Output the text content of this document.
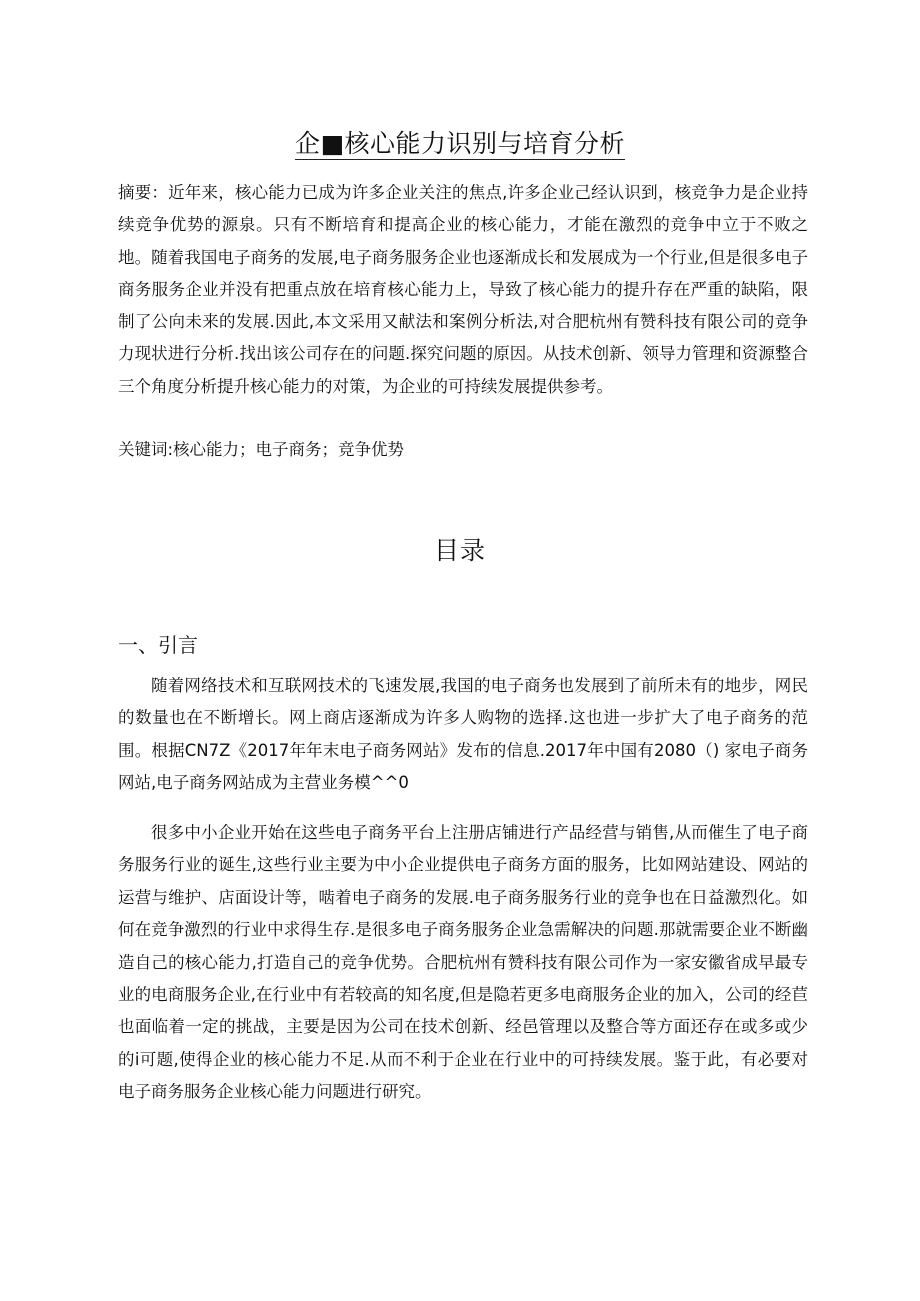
企■核心能力识别与培育分析

摘要：近年来，核心能力已成为许多企业关注的焦点,许多企业己经认识到，核竞争力是企业持续竞争优势的源泉。只有不断培育和提高企业的核心能力，才能在激烈的竞争中立于不败之地。随着我国电子商务的发展,电子商务服务企业也逐渐成长和发展成为一个行业,但是很多电子商务服务企业并没有把重点放在培育核心能力上，导致了核心能力的提升存在严重的缺陷，限制了公向未来的发展.因此,本文采用又献法和案例分析法,对合肥杭州有赞科技有限公司的竞争力现状进行分析.找出该公司存在的问题.探究问题的原因。从技术创新、领导力管理和资源整合三个角度分析提升核心能力的对策，为企业的可持续发展提供参考。

关键词:核心能力；电子商务；竞争优势

目录
一、引言

随着网络技术和互联网技术的飞速发展,我国的电子商务也发展到了前所未有的地步，网民的数量也在不断增长。网上商店逐渐成为许多人购物的选择.这也进一步扩大了电子商务的范围。根据CN7Z《2017年年末电子商务网站》发布的信息.2017年中国有2080（) 家电子商务网站,电子商务网站成为主营业务模^^0

很多中小企业开始在这些电子商务平台上注册店铺进行产品经营与销售,从而催生了电子商务服务行业的诞生,这些行业主要为中小企业提供电子商务方面的服务，比如网站建设、网站的运营与维护、店面设计等，啮着电子商务的发展.电子商务服务行业的竞争也在日益激烈化。如何在竞争激烈的行业中求得生存.是很多电子商务服务企业急需解决的问题.那就需要企业不断幽造自己的核心能力,打造自己的竞争优势。合肥杭州有赞科技有限公司作为一家安徽省成早最专业的电商服务企业,在行业中有若较高的知名度,但是隐若更多电商服务企业的加入，公司的经苣也面临着一定的挑战，主要是因为公司在技术创新、经邑管理以及整合等方面还存在或多或少的i可题,使得企业的核心能力不足.从而不利于企业在行业中的可持续发展。鉴于此，有必要对电子商务服务企业核心能力问题进行研究。
